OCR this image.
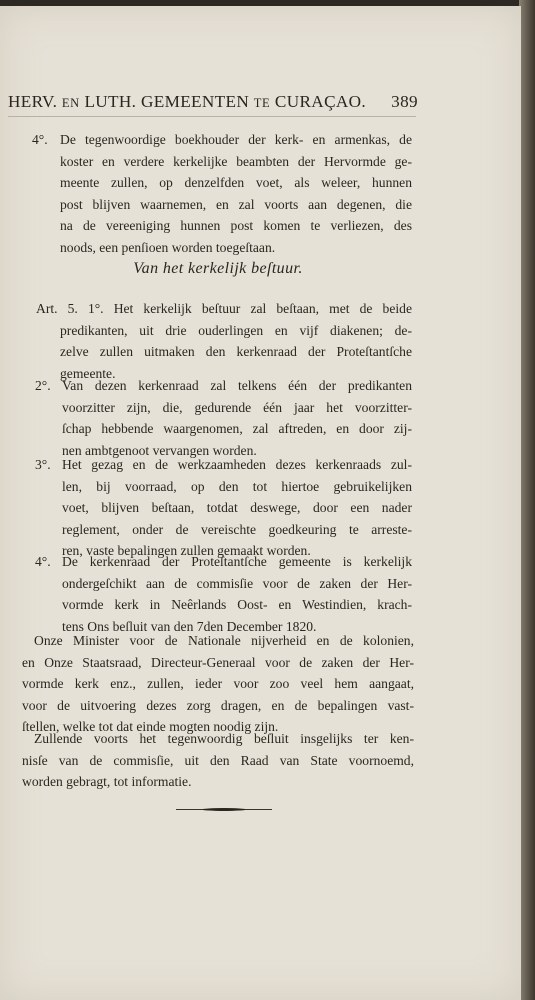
HERV. EN LUTH. GEMEENTEN TE CURAÇAO. 389
4°. De tegenwoordige boekhouder der kerk- en armenkas, de
koster en verdere kerkelijke beambten der Hervormde ge-
meente zullen, op denzelfden voet, als weleer, hunnen
post blijven waarnemen, en zal voorts aan degenen, die
na de vereeniging hunnen post komen te verliezen, des
noods, een penſioen worden toegeſtaan.
Van het kerkelijk beſtuur.
Art. 5. 1°. Het kerkelijk beſtuur zal beſtaan, met de beide
predikanten, uit drie ouderlingen en vijf diakenen; de-
zelve zullen uitmaken den kerkenraad der Proteſtantſche
gemeente.
2°. Van dezen kerkenraad zal telkens één der predikanten
voorzitter zijn, die, gedurende één jaar het voorzitter-
ſchap hebbende waargenomen, zal aftreden, en door zij-
nen ambtgenoot vervangen worden.
3°. Het gezag en de werkzaamheden dezes kerkenraads zul-
len, bij voorraad, op den tot hiertoe gebruikelijken
voet, blijven beſtaan, totdat deswege, door een nader
reglement, onder de vereischte goedkeuring te arreste-
ren, vaste bepalingen zullen gemaakt worden.
4°. De kerkenraad der Proteſtantſche gemeente is kerkelijk
ondergeſchikt aan de commisſie voor de zaken der Her-
vormde kerk in Neêrlands Oost- en Westindien, krach-
tens Ons beſluit van den 7den December 1820.
Onze Minister voor de Nationale nijverheid en de kolonien,
en Onze Staatsraad, Directeur-Generaal voor de zaken der Her-
vormde kerk enz., zullen, ieder voor zoo veel hem aangaat,
voor de uitvoering dezes zorg dragen, en de bepalingen vast-
ſtellen, welke tot dat einde mogten noodig zijn.
Zullende voorts het tegenwoordig beſluit insgelijks ter ken-
nisſe van de commisſie, uit den Raad van State voornoemd,
worden gebragt, tot informatie.
